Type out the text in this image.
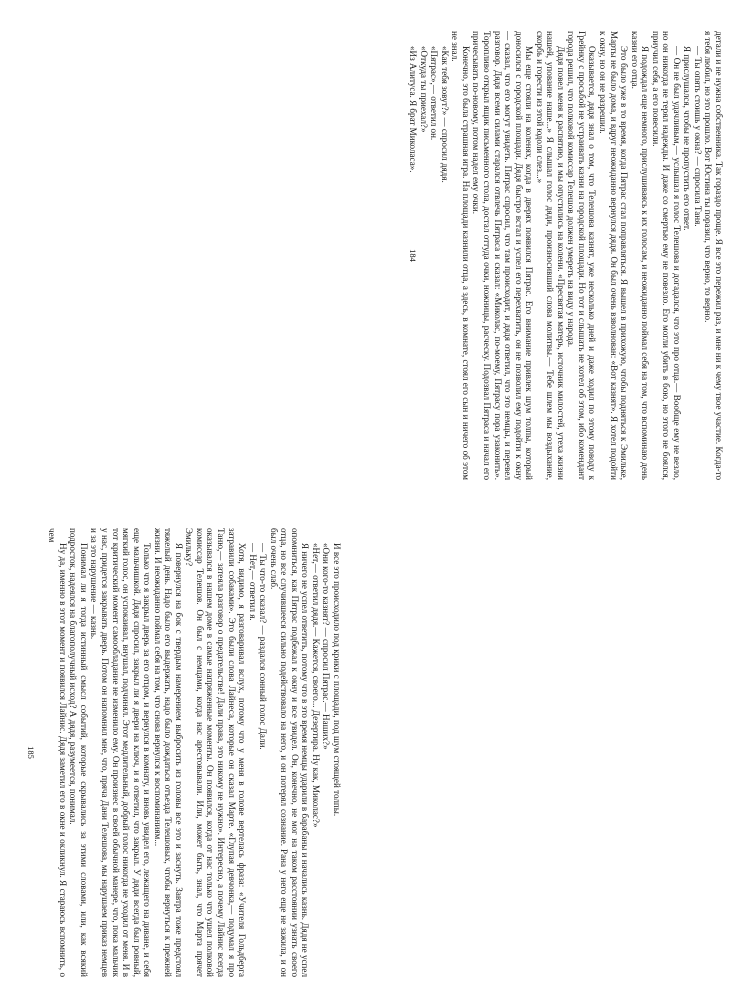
детали и не нужна собственника. Так гораздо проще. Я все это пережил раз, и мне ни к чему твое участие. Когда-то я тебя любил, но это прошло. Вот Юстина ты поразил, что верно, то верно.

— Ты опять стоишь у окна? — спросила Таня.

Я прислушался, чтобы не пропустить его ответ.

— Он не был удачливым,— услышал я голос Телешова и догадался, что это про отца.— Вообще ему не везло, но он никогда не терял надежды. И даже со смертью ему не повезло. Его могли убить в бою, но этого не боялся, приучил себя, а его повесили.

Я подождал еще немного, прислушиваясь к их голосам, и неожиданно поймал себя на том, что вспоминаю день казни его отца.

Это было уже в то время, когда Пятрас стал поправляться. Я вышел в прихожую, чтобы подняться к Эмильке, Марты не было дома, и вдруг неожиданно вернулся дядя. Он был очень взволнован: «Вот казнят». Я хотел подойти к окну, но он не разрешил.

Оказывается, дядя знал о том, что Телешова казнят, уже несколько дней и даже ходил по этому поводу к Грейнку с просьбой не устраивать казни на городской площади. Но тот и слышать не хотел об этом, ибо комендант города решил, что полковой комиссар Телешов должен умереть на виду у народа.

Дядя повел меня к распятию, и мы опустились на колени. «Пресвятая матерь, источник милостей, утеха жизни нашей, упование наше...» Я слышал голос дяди, произносивший слова молитвы.— Тебе шлем мы воздыхание, скорбь и горести из этой юдоли слез...»

Мы еще стояли на коленях, когда в дверях появился Пятрас. Его внимание привлек шум толпы, который доносился с городской площади. Дядя быстро встал и успел его перехватить, он не позволил ему подойти к окну — сказал, что его могут увидеть. Пятрас спросил, что там происходит, и дядя ответил, что это немцы, и перевел разговор. Дядя всеми силами старался отвлечь Пятраса и сказал: «Миколас, по-моему, Пятрасу пора узаконить». Торопливо открыл ящик письменного стола, достал оттуда очки, ножницы, расческу. Подозвал Пятраса и начал его причесывать по-новому, потом надел ему очки.

Конечно, это была страшная игра. На площади казнили отца, а здесь, в комнате, стоял его сын и ничего об этом не знал.

«Как тебя зовут?» — спросил дядя.

«Пятрас»,— ответил он.

«Откуда ты приехал?»

«Из Алитуса. Я брат Миколаса».

184

И все это происходило под крики с площади, под шум стоящей толпы.

«Они кого-то казнят? — спросил Пятрас.— Наших?»

«Нет,— ответил дядя.— Кажется, своего... Дезертира. Ну как, Миколас?»

Я ничего не успел ответить, потому что в это время немцы ударили в барабаны и начались казнь. Дядя не успел опомниться, как Пятрас подбежал к окну и все увидел. Он, конечно, не мог на таком расстоянии узнать своего отца, но все случившееся сильно подействовало на него, и он потерял сознание. Рана у него еще не зажила, и он был очень слаб.

— Ты что-то сказал? — раздался сонный голос Дали.

— Нет,— ответил я.

Хотя, видимо, я разговаривал вслух, потому что у меня в голове вертелась фраза: «Учителя Гольдберга затравили собаками». Это были слова Лайнеса, которые он сказал Марте. «Глупая девчонка,— подумал я про Таню,— затеяла разговор о предательстве! Дали права, это никому не нужно». Интересно, а почему Лайнис всегда оказывался в нашем доме в самые напряженные моменты. Он появился, когда от нас только что ушел полковой комиссар Телешов. Он был с немцами, когда нас арестовывали. Или, может быть, знал, что Марта прячет Эмильку?

Я повернулся на бок с твердым намерением выбросить из головы все это и заснуть. Завтра тоже предстоял тяжелый день. Надо было его выдержать, надо было дождаться отъезда Телешовых, чтобы вернуться к прежней жизни. И неожиданно поймал себя на том, что снова вернулся к воспоминаниям...

Только что я закрыл дверь за его отцом, и вернулся в комнату, и вновь увидел его, лежащего на диване, и себя еще мальчишкой. Дядя спросил, закрыл ли я двери на ключ, и я ответил, что закрыл. У дяди всегда был ровный, мягкий голос, он успокаивал, внушал, подчинял. Этот медлительный, добрый голос никогда не уходил от меня. И в тот критический момент самообладание не изменило ему. Он произнес в своей обычной манере, что, пока мальчик у нас, придется закрывать дверь. Потом он напомнил мне, что, пряча Дани Телешова, мы нарушаем приказ немцев и за это нарушение — казнь.

Понимал ли я тогда истинный смысл событий, которые скрывались за этими словами, или, как всякий подросток, надеялся на благополучный исход? А дядя, разумеется, понимал.

Ну да, именно в этот момент и появился Лайнис. Дядя заметил его в окне и окликнул. Я стараюсь вспомнить, о чем

185
